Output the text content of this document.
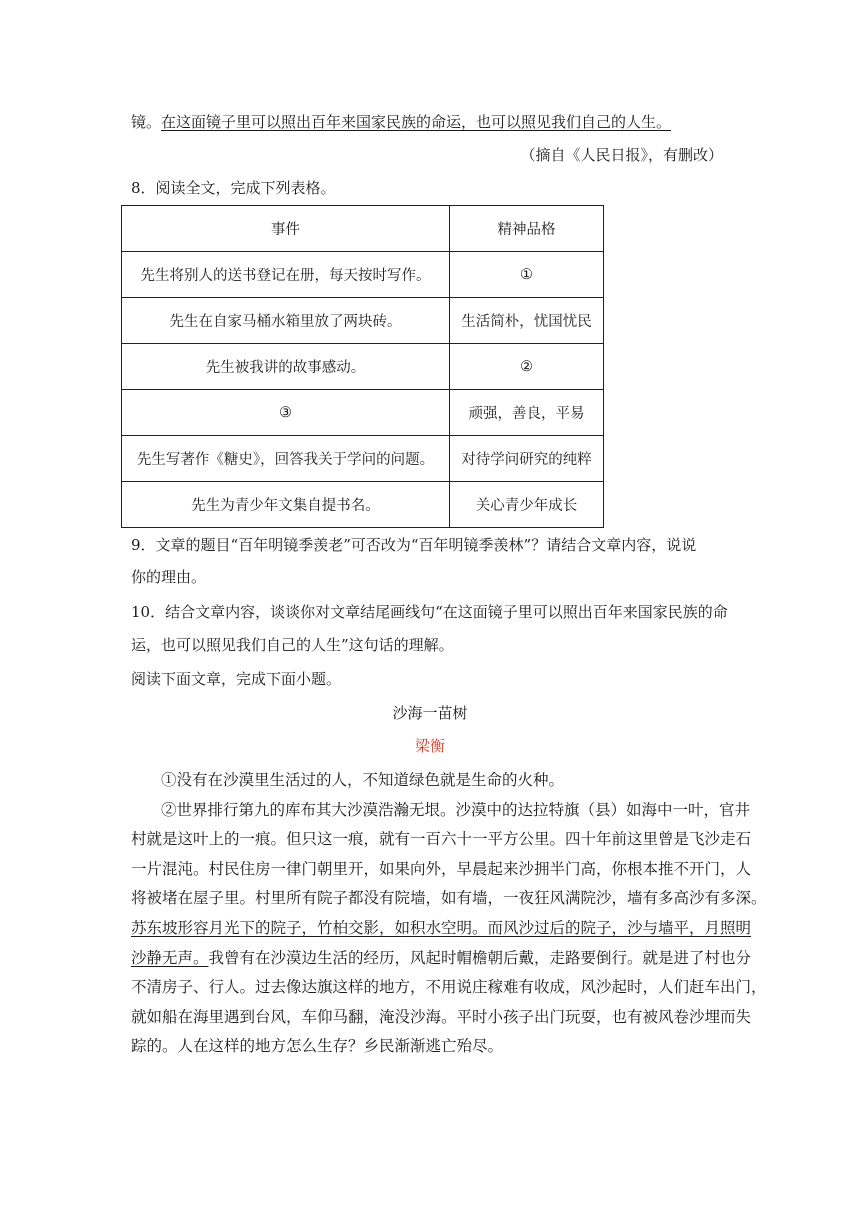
镜。在这面镜子里可以照出百年来国家民族的命运，也可以照见我们自己的人生。
（摘自《人民日报》，有删改）
8．阅读全文，完成下列表格。
事件	精神品格
先生将别人的送书登记在册，每天按时写作。	①
先生在自家马桶水箱里放了两块砖。	生活简朴，忧国忧民
先生被我讲的故事感动。	②
③	顽强，善良，平易
先生写著作《糖史》，回答我关于学问的问题。	对待学问研究的纯粹
先生为青少年文集自提书名。	关心青少年成长
9．文章的题目“百年明镜季羡老”可否改为“百年明镜季羡林”？请结合文章内容，说说
你的理由。
10．结合文章内容，谈谈你对文章结尾画线句“在这面镜子里可以照出百年来国家民族的命
运，也可以照见我们自己的人生”这句话的理解。
阅读下面文章，完成下面小题。
沙海一苗树
梁衡
①没有在沙漠里生活过的人，不知道绿色就是生命的火种。
②世界排行第九的库布其大沙漠浩瀚无垠。沙漠中的达拉特旗（县）如海中一叶，官井
村就是这叶上的一痕。但只这一痕，就有一百六十一平方公里。四十年前这里曾是飞沙走石
一片混沌。村民住房一律门朝里开，如果向外，早晨起来沙拥半门高，你根本推不开门，人
将被堵在屋子里。村里所有院子都没有院墙，如有墙，一夜狂风满院沙，墙有多高沙有多深。
苏东坡形容月光下的院子，竹柏交影，如积水空明。而风沙过后的院子，沙与墙平，月照明
沙静无声。我曾有在沙漠边生活的经历，风起时帽檐朝后戴，走路要倒行。就是进了村也分
不清房子、行人。过去像达旗这样的地方，不用说庄稼难有收成，风沙起时，人们赶车出门，
就如船在海里遇到台风，车仰马翻，淹没沙海。平时小孩子出门玩耍，也有被风卷沙埋而失
踪的。人在这样的地方怎么生存？乡民渐渐逃亡殆尽。
